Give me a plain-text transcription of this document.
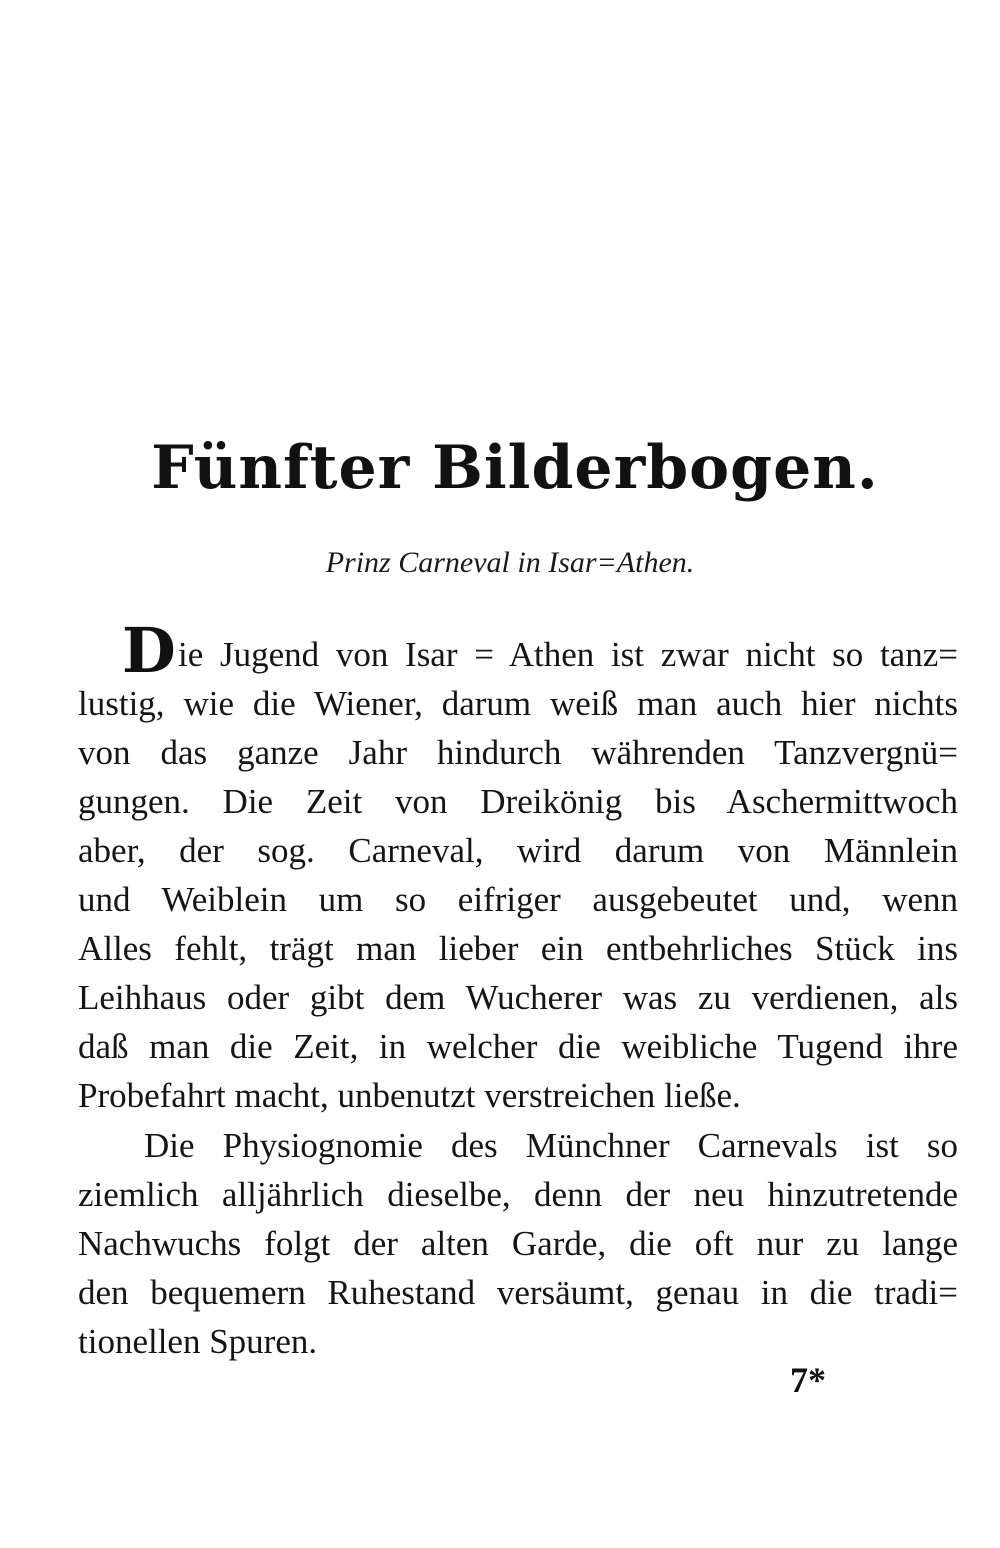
Fünfter Bilderbogen.
Prinz Carneval in Isar=Athen.
D ie Jugend von Isar = Athen ist zwar nicht so tanz=
lustig, wie die Wiener, darum weiß man auch hier nichts
von das ganze Jahr hindurch währenden Tanzvergnü=
gungen. Die Zeit von Dreikönig bis Aschermittwoch
aber, der sog. Carneval, wird darum von Männlein
und Weiblein um so eifriger ausgebeutet und, wenn
Alles fehlt, trägt man lieber ein entbehrliches Stück ins
Leihhaus oder gibt dem Wucherer was zu verdienen, als
daß man die Zeit, in welcher die weibliche Tugend ihre
Probefahrt macht, unbenutzt verstreichen ließe.
Die Physiognomie des Münchner Carnevals ist so
ziemlich alljährlich dieselbe, denn der neu hinzutretende
Nachwuchs folgt der alten Garde, die oft nur zu lange
den bequemern Ruhestand versäumt, genau in die tradi=
tionellen Spuren.
7*
